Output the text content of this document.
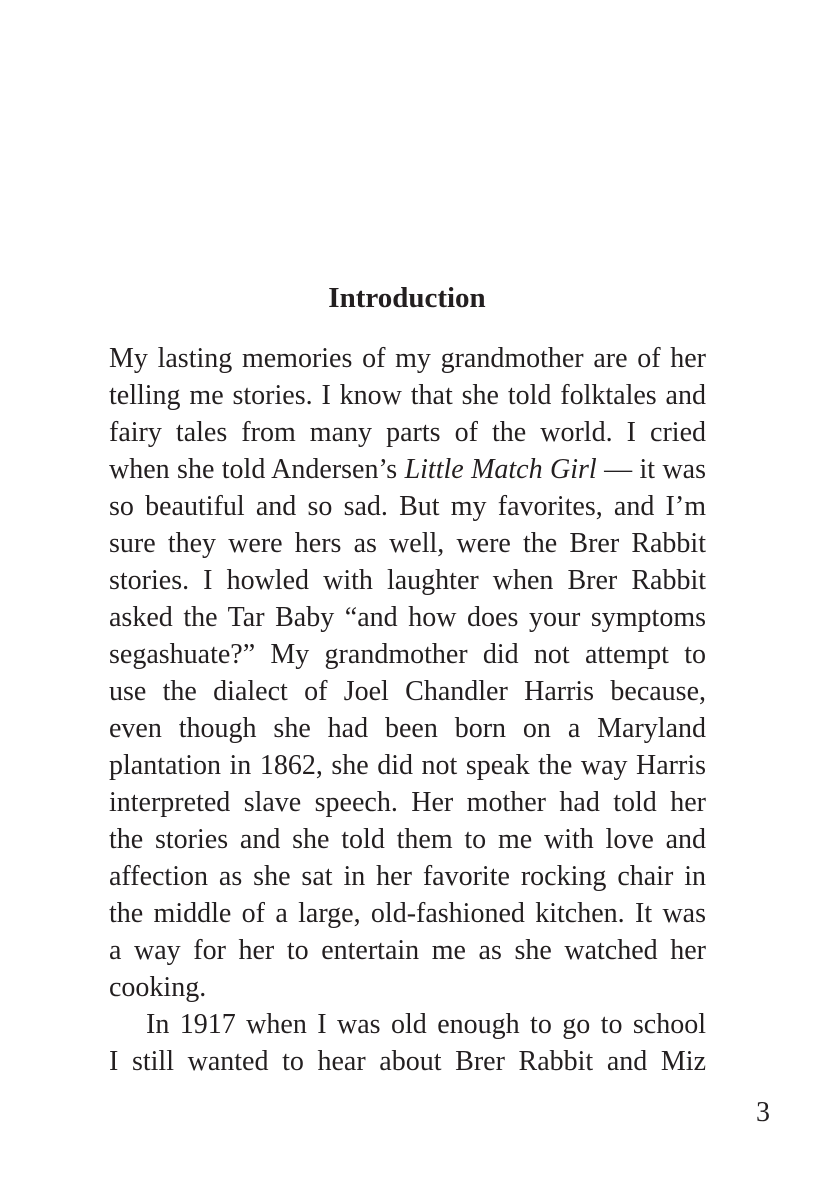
Introduction

My lasting memories of my grandmother are of her
telling me stories. I know that she told folktales and
fairy tales from many parts of the world. I cried
when she told Andersen’s Little Match Girl — it was
so beautiful and so sad. But my favorites, and I’m
sure they were hers as well, were the Brer Rabbit
stories. I howled with laughter when Brer Rabbit
asked the Tar Baby “and how does your symptoms
segashuate?” My grandmother did not attempt to
use the dialect of Joel Chandler Harris because,
even though she had been born on a Maryland
plantation in 1862, she did not speak the way Harris
interpreted slave speech. Her mother had told her
the stories and she told them to me with love and
affection as she sat in her favorite rocking chair in
the middle of a large, old-fashioned kitchen. It was
a way for her to entertain me as she watched her
cooking.

In 1917 when I was old enough to go to school
I still wanted to hear about Brer Rabbit and Miz

3
